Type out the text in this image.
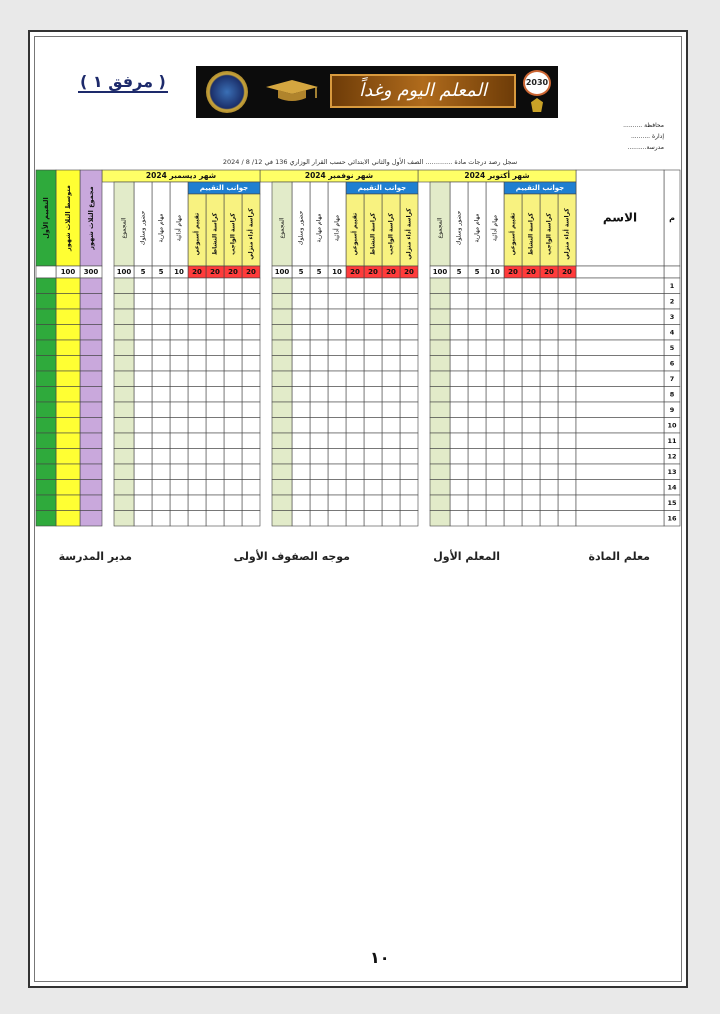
( مرفق ١ )	المعلم اليوم وغداً	2030
محافظة ..........
إدارة ..........
مدرسة..........
سجل رصد درجات مادة ............. الصف الأول والثاني الابتدائي حسب القرار الوزاري 136 في 12/ 8 / 2024
م
الاسم
شهر أكتوبر 2024
جوانب التقييم
كراسة أداء منزلي
20
كراسة الواجب
20
كراسة النشاط
20
تقييم أسبوعي
20
مهام أدائية
10
مهام مهارية
5
حضور وسلوك
5
المجموع
100
شهر نوفمبر 2024
جوانب التقييم
كراسة أداء منزلي
20
كراسة الواجب
20
كراسة النشاط
20
تقييم أسبوعي
20
مهام أدائية
10
مهام مهارية
5
حضور وسلوك
5
المجموع
100
شهر ديسمبر 2024
جوانب التقييم
كراسة أداء منزلي
20
كراسة الواجب
20
كراسة النشاط
20
تقييم أسبوعي
20
مهام أدائية
10
مهام مهارية
5
حضور وسلوك
5
المجموع
100
مجموع الثلاث شهور
300
متوسط الثلاث شهور
100
التقييم الأول
1
2
3
4
5
6
7
8
9
10
11
12
13
14
15
16
معلم المادة
المعلم الأول
موجه الصفوف الأولى
مدير المدرسة
١٠
